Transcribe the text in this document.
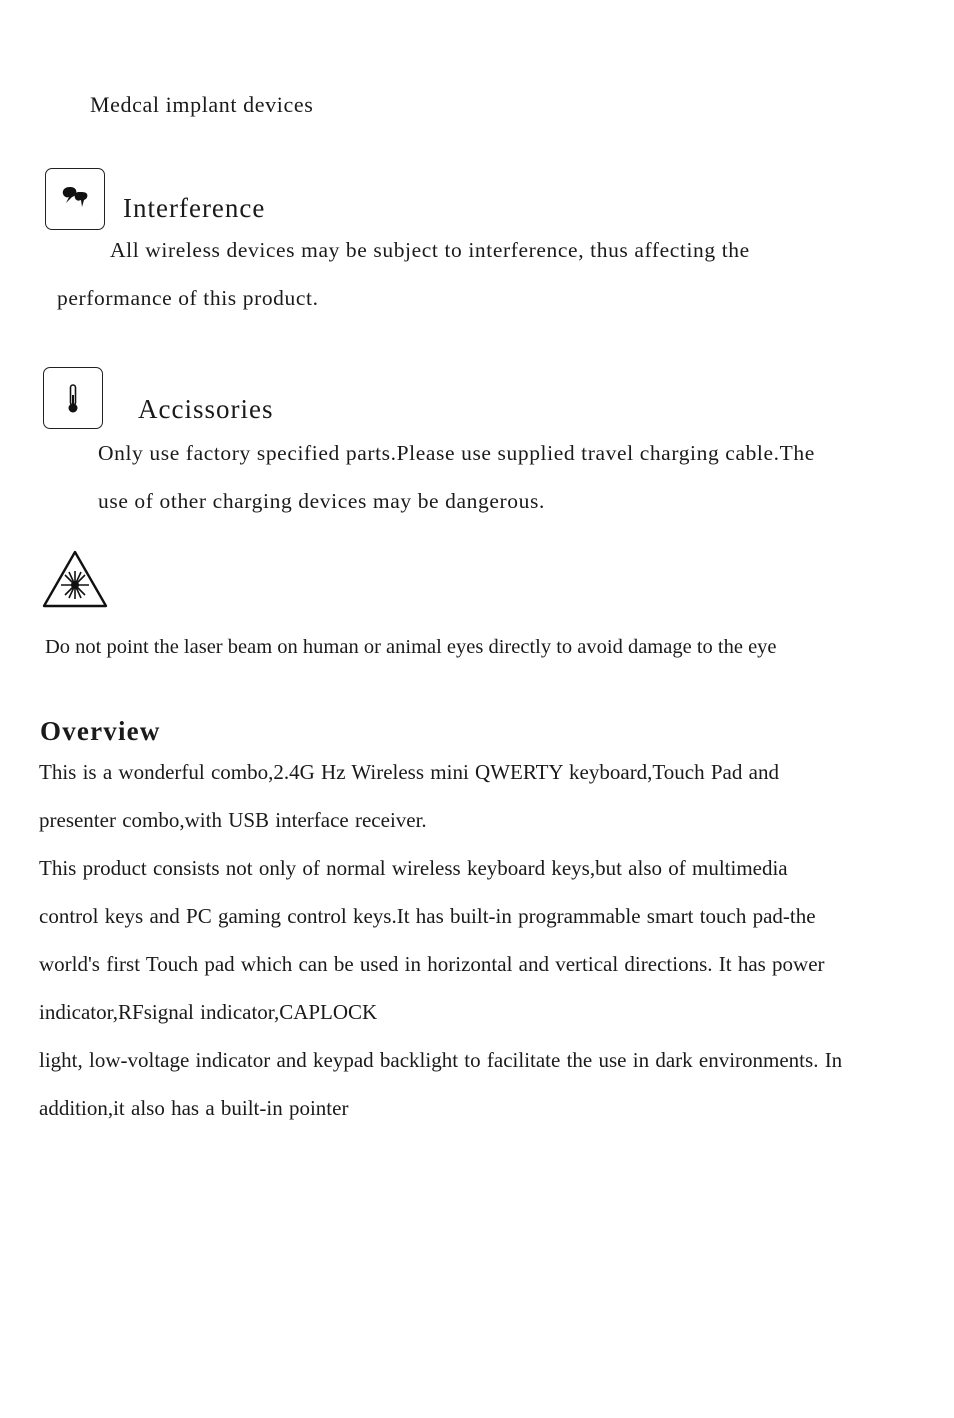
Medcal implant devices
Interference
All wireless devices may be subject to interference, thus affecting the
performance of this product.
Accissories
Only use factory specified parts.Please use supplied travel charging cable.The
use of other charging devices may be dangerous.
Do not point the laser beam on human or animal eyes directly to avoid damage to the eye
Overview
This is a wonderful combo,2.4G Hz Wireless mini QWERTY keyboard,Touch Pad and
presenter combo,with USB interface receiver.
This product consists not only of normal wireless keyboard keys,but also of multimedia
control keys and PC gaming control keys.It has built-in programmable smart touch pad-the
world's first Touch pad which can be used in horizontal and vertical directions. It has power
indicator,RFsignal indicator,CAPLOCK
light, low-voltage indicator and keypad backlight to facilitate the use in dark environments. In
addition,it also has a built-in pointer
